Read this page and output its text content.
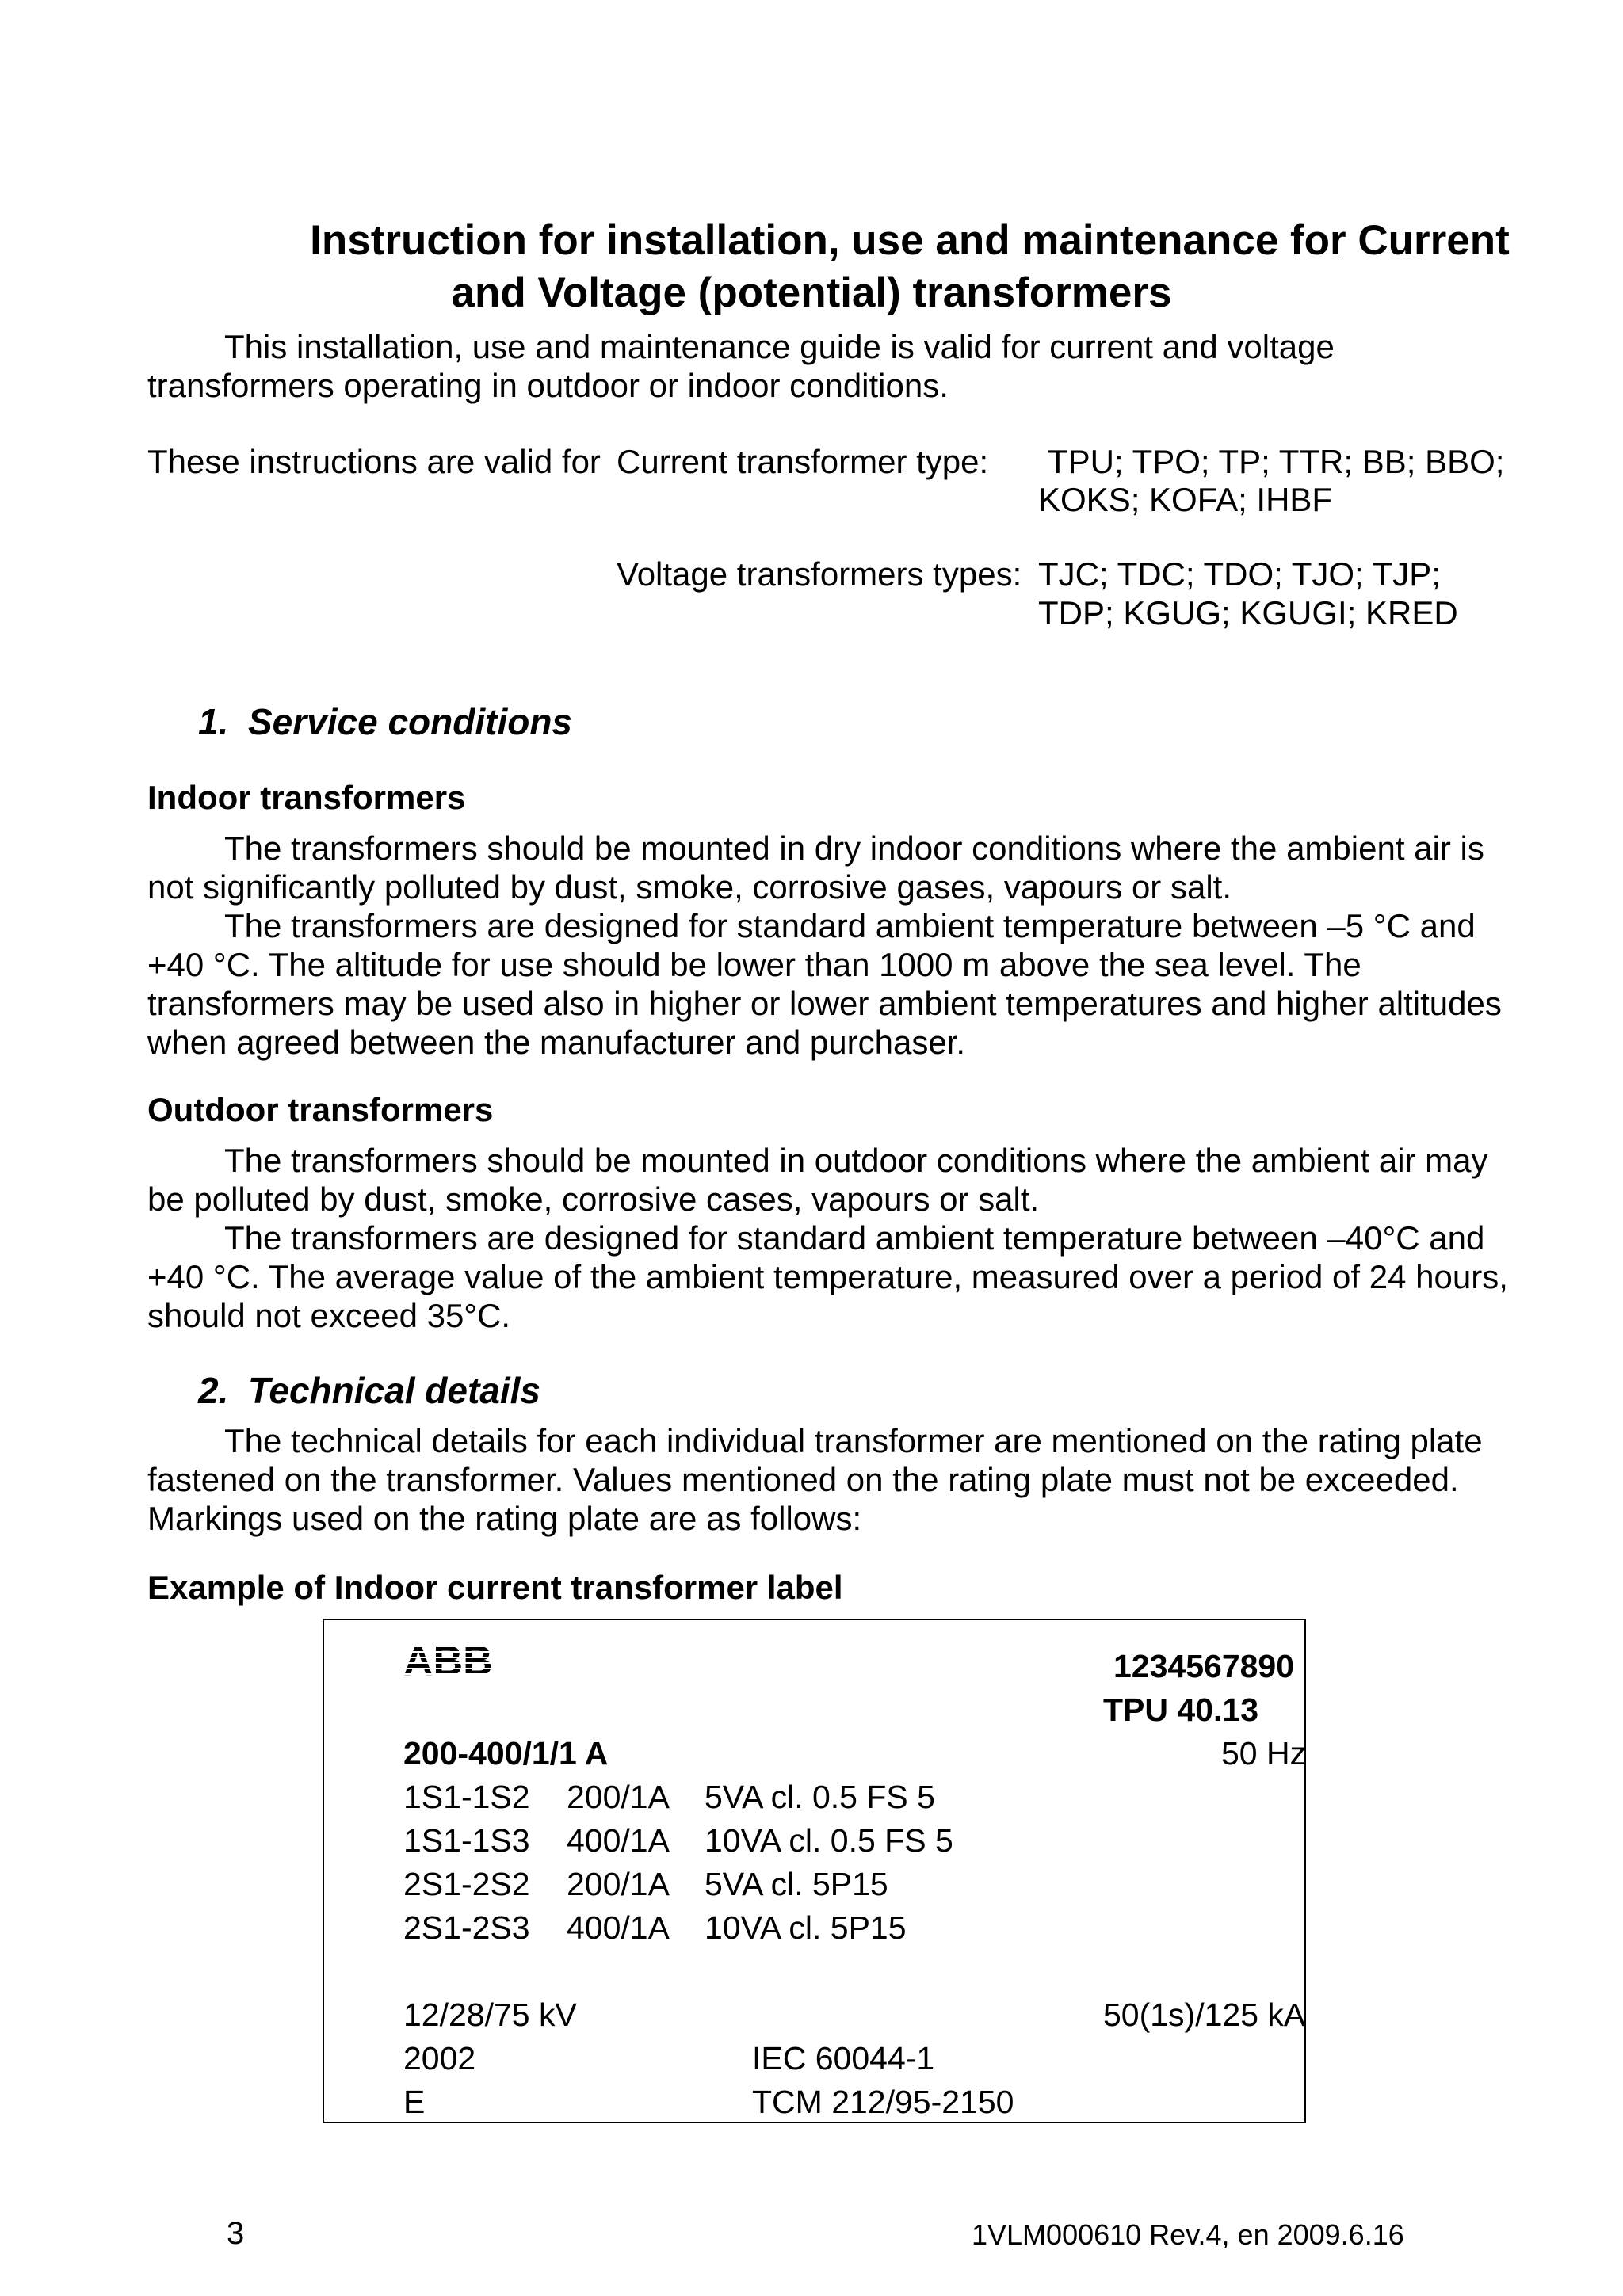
Instruction for installation, use and maintenance for Current
and Voltage (potential) transformers
This installation, use and maintenance guide is valid for current and voltage
transformers operating in outdoor or indoor conditions.
These instructions are valid for Current transformer type: TPU; TPO; TP; TTR; BB; BBO;
KOKS; KOFA; IHBF
Voltage transformers types: TJC; TDC; TDO; TJO; TJP;
TDP; KGUG; KGUGI; KRED
1. Service conditions
Indoor transformers
The transformers should be mounted in dry indoor conditions where the ambient air is
not significantly polluted by dust, smoke, corrosive gases, vapours or salt.
The transformers are designed for standard ambient temperature between –5 °C and
+40 °C. The altitude for use should be lower than 1000 m above the sea level. The
transformers may be used also in higher or lower ambient temperatures and higher altitudes
when agreed between the manufacturer and purchaser.
Outdoor transformers
The transformers should be mounted in outdoor conditions where the ambient air may
be polluted by dust, smoke, corrosive cases, vapours or salt.
The transformers are designed for standard ambient temperature between –40°C and
+40 °C. The average value of the ambient temperature, measured over a period of 24 hours,
should not exceed 35°C.
2. Technical details
The technical details for each individual transformer are mentioned on the rating plate
fastened on the transformer. Values mentioned on the rating plate must not be exceeded.
Markings used on the rating plate are as follows:
Example of Indoor current transformer label
ABB	1234567890
TPU 40.13
200-400/1/1 A	50 Hz
1S1-1S2 200/1A 5VA cl. 0.5 FS 5
1S1-1S3 400/1A 10VA cl. 0.5 FS 5
2S1-2S2 200/1A 5VA cl. 5P15
2S1-2S3 400/1A 10VA cl. 5P15
12/28/75 kV	50(1s)/125 kA
2002	IEC 60044-1
E	TCM 212/95-2150
3	1VLM000610 Rev.4, en 2009.6.16
